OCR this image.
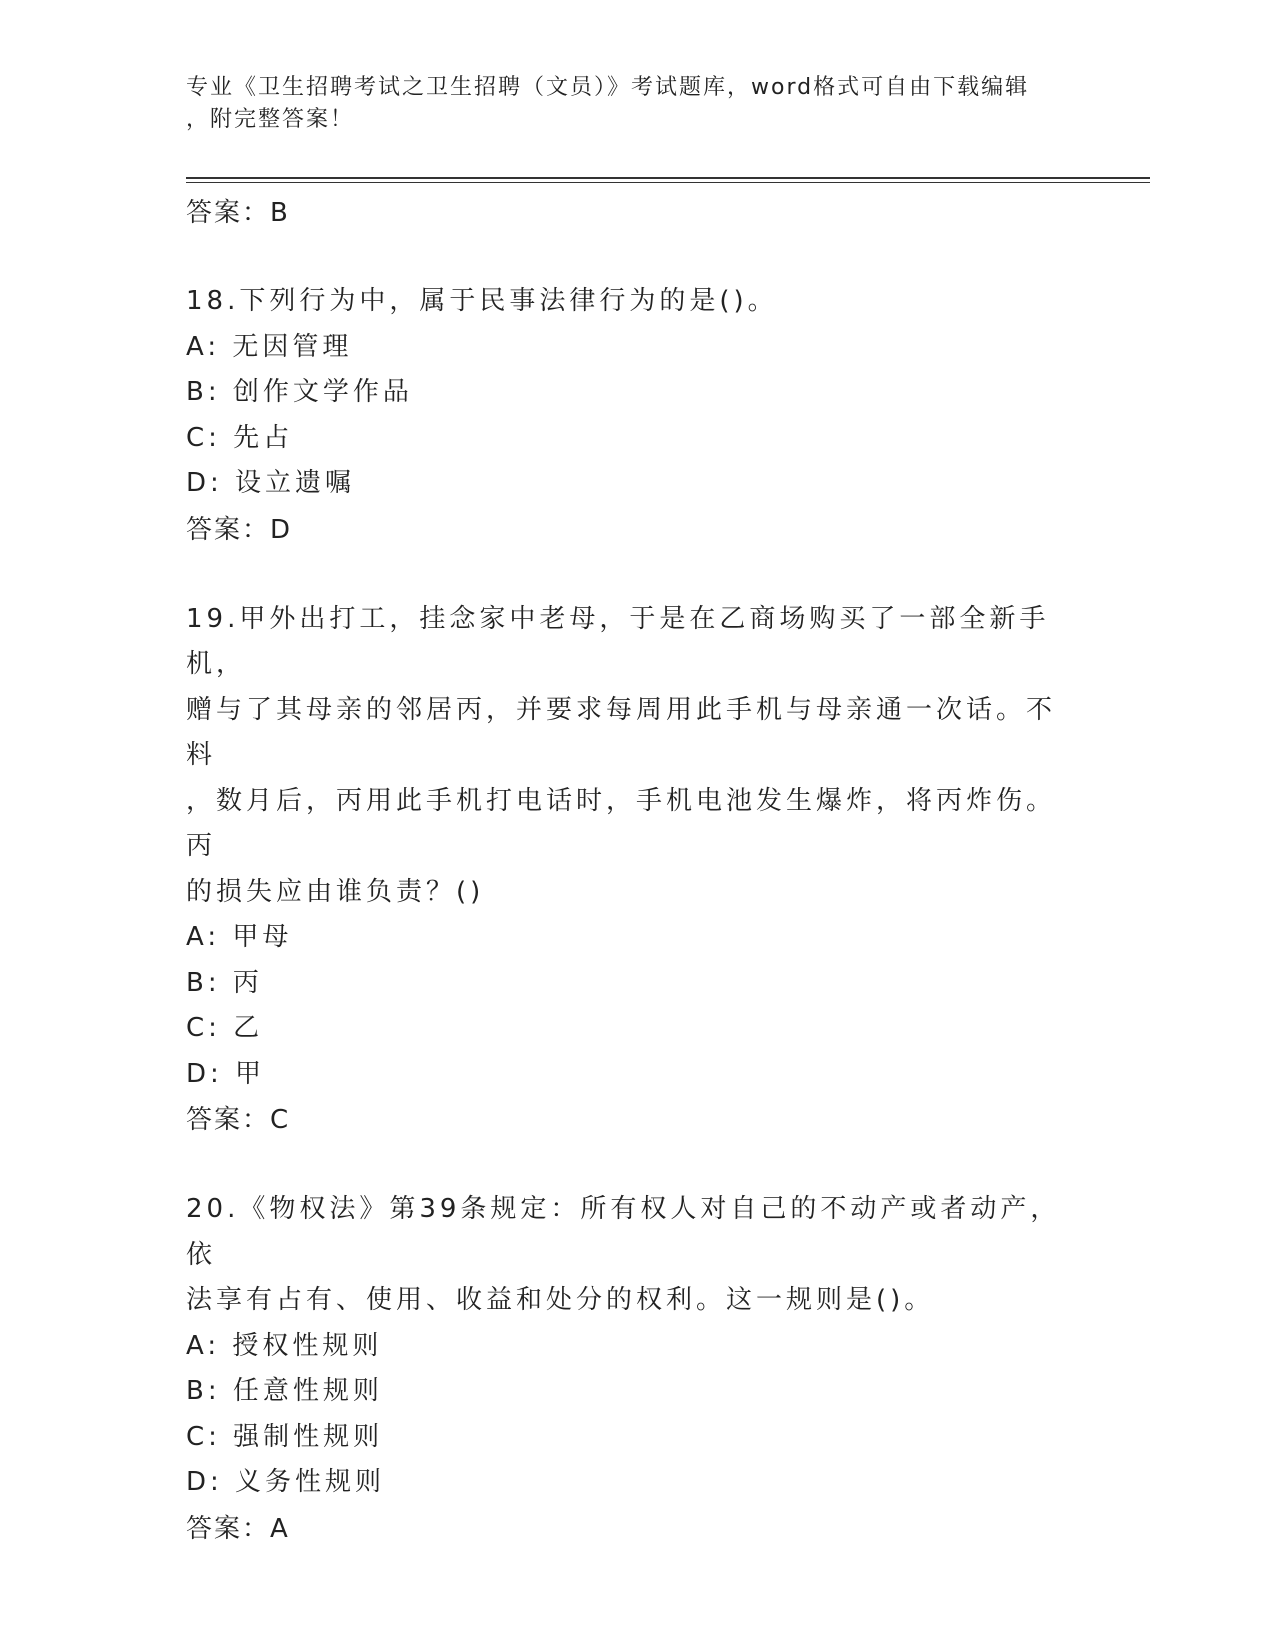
专业《卫生招聘考试之卫生招聘（文员）》考试题库，word格式可自由下载编辑

，附完整答案！

答案：B

18.下列行为中，属于民事法律行为的是()。

A: 无因管理

B: 创作文学作品

C: 先占

D: 设立遗嘱

答案：D

19.甲外出打工，挂念家中老母，于是在乙商场购买了一部全新手机，

赠与了其母亲的邻居丙，并要求每周用此手机与母亲通一次话。不料

，数月后，丙用此手机打电话时，手机电池发生爆炸，将丙炸伤。丙

的损失应由谁负责？()

A: 甲母

B: 丙

C: 乙

D: 甲

答案：C

20.《物权法》第39条规定：所有权人对自己的不动产或者动产，依

法享有占有、使用、收益和处分的权利。这一规则是()。

A: 授权性规则

B: 任意性规则

C: 强制性规则

D: 义务性规则

答案：A
